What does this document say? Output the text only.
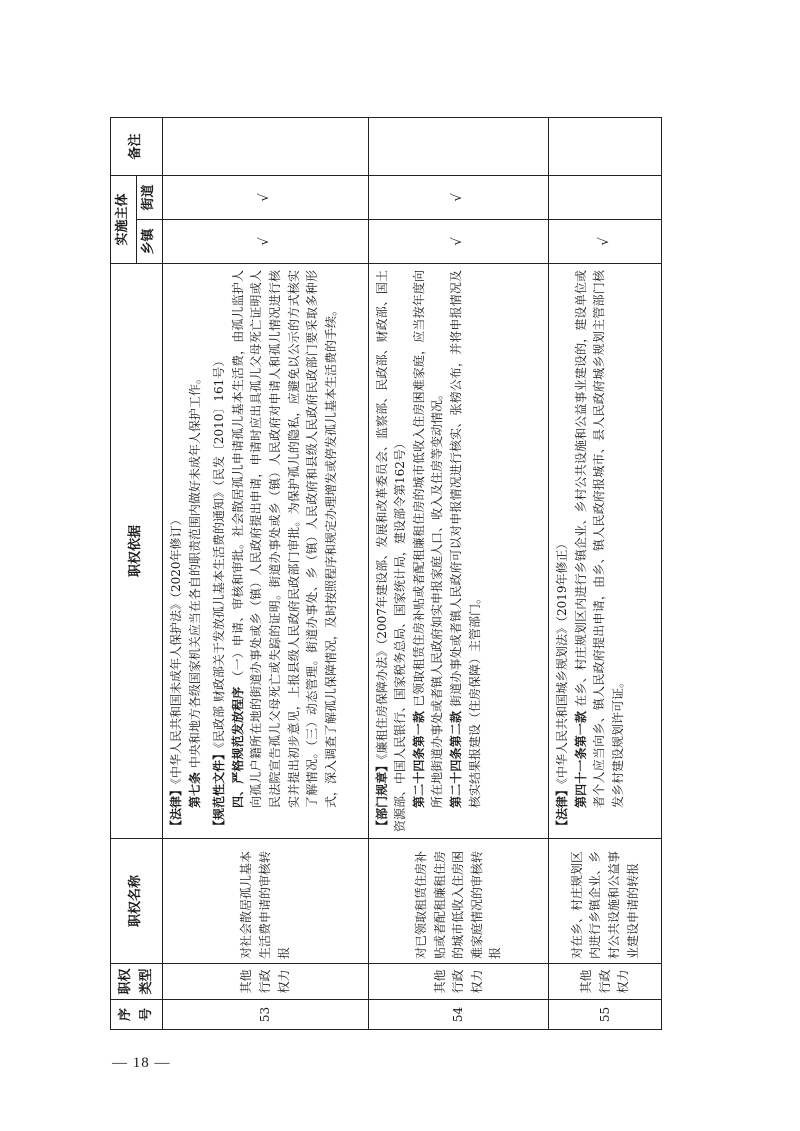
— 18 —
序号	职权类型	职权名称	职权依据	实施主体		备注
				乡镇	街道	
53	其他行政权力	对社会散居孤儿基本生活费申请的审核转报	【法律】《中华人民共和国未成年人保护法》（2020年修订）

第七条 中央和地方各级国家机关应当在各自的职责范围内做好未成年人保护工作。

【规范性文件】《民政部 财政部关于发放孤儿基本生活费的通知》（民发〔2010〕161号） 四、严格规范发放程序 （一）申请、审核和审批。社会散居孤儿申请孤儿基本生活费，由孤儿监护人向孤儿户籍所在地的街道办事处或乡（镇）人民政府提出申请，申请时应出具孤儿父母死亡证明或人民法院宣告孤儿父母死亡或失踪的证明。街道办事处或乡（镇）人民政府对申请人和孤儿情况进行核实并提出初步意见，上报县级人民政府民政部门审批。为保护孤儿的隐私，应避免以公示的方式核实了解情况。（三）动态管理。街道办事处、乡（镇）人民政府和县级人民政府民政部门要采取多种形式，深入调查了解孤儿保障情况，及时按照程序和规定办理增发或停发孤儿基本生活费的手续。	√	√	
54	其他行政权力	对已领取租赁住房补贴或者配租廉租住房的城市低收入住房困难家庭情况的审核转报	【部门规章】《廉租住房保障办法》（2007年建设部、发展和改革委员会、监察部、民政部、财政部、国土资源部、中国人民银行、国家税务总局、国家统计局，建设部令第162号） 第二十四条第一款 已领取租赁住房补贴或者配租廉租住房的城市低收入住房困难家庭，应当按年度向所在地街道办事处或者镇人民政府如实申报家庭人口、收入及住房等变动情况。 第二十四条第二款 街道办事处或者镇人民政府可以对申报情况进行核实、张榜公布，并将申报情况及核实结果报建设（住房保障）主管部门。	√	√	
55	其他行政权力	对在乡、村庄规划区内进行乡镇企业、乡村公共设施和公益事业建设申请的转报	【法律】《中华人民共和国城乡规划法》（2019年修正） 第四十一条第一款 在乡、村庄规划区内进行乡镇企业、乡村公共设施和公益事业建设的，建设单位或者个人应当向乡、镇人民政府提出申请，由乡、镇人民政府报城市、县人民政府城乡规划主管部门核发乡村建设规划许可证。	√		
